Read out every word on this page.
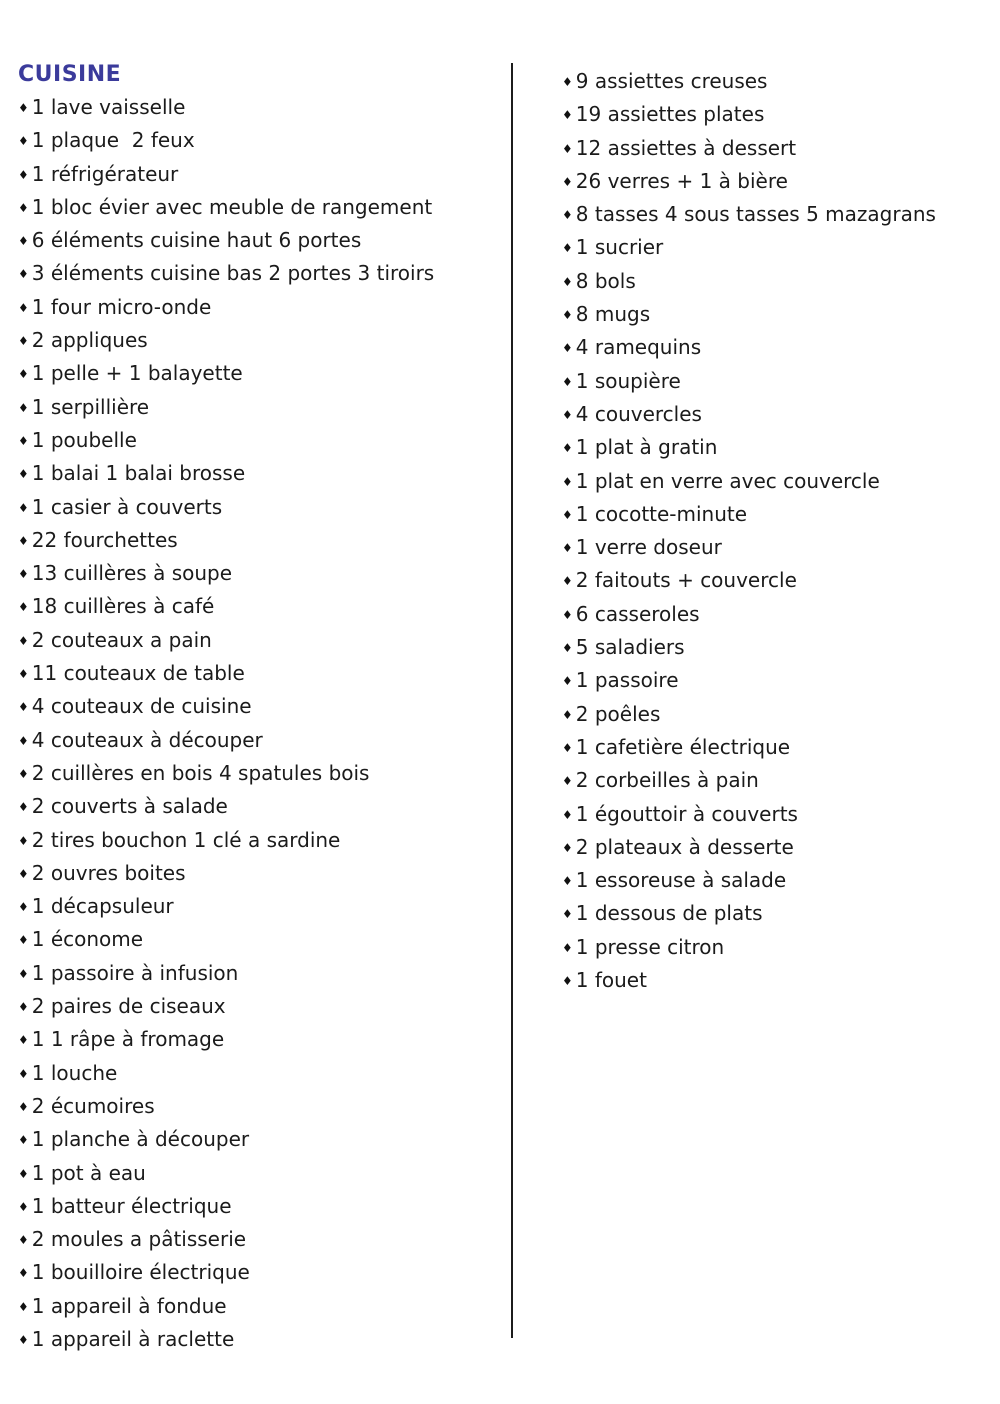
CUISINE
♦ 1 lave vaisselle
♦ 1 plaque  2 feux
♦ 1 réfrigérateur
♦ 1 bloc évier avec meuble de rangement
♦ 6 éléments cuisine haut 6 portes
♦ 3 éléments cuisine bas 2 portes 3 tiroirs
♦ 1 four micro-onde
♦ 2 appliques
♦ 1 pelle + 1 balayette
♦ 1 serpillière
♦ 1 poubelle
♦ 1 balai 1 balai brosse
♦ 1 casier à couverts
♦ 22 fourchettes
♦ 13 cuillères à soupe
♦ 18 cuillères à café
♦ 2 couteaux a pain
♦ 11 couteaux de table
♦ 4 couteaux de cuisine
♦ 4 couteaux à découper
♦ 2 cuillères en bois 4 spatules bois
♦ 2 couverts à salade
♦ 2 tires bouchon 1 clé a sardine
♦ 2 ouvres boites
♦ 1 décapsuleur
♦ 1 économe
♦ 1 passoire à infusion
♦ 2 paires de ciseaux
♦ 1 1 râpe à fromage
♦ 1 louche
♦ 2 écumoires
♦ 1 planche à découper
♦ 1 pot à eau
♦ 1 batteur électrique
♦ 2 moules a pâtisserie
♦ 1 bouilloire électrique
♦ 1 appareil à fondue
♦ 1 appareil à raclette
♦ 9 assiettes creuses
♦ 19 assiettes plates
♦ 12 assiettes à dessert
♦ 26 verres + 1 à bière
♦ 8 tasses 4 sous tasses 5 mazagrans
♦ 1 sucrier
♦ 8 bols
♦ 8 mugs
♦ 4 ramequins
♦ 1 soupière
♦ 4 couvercles
♦ 1 plat à gratin
♦ 1 plat en verre avec couvercle
♦ 1 cocotte-minute
♦ 1 verre doseur
♦ 2 faitouts + couvercle
♦ 6 casseroles
♦ 5 saladiers
♦ 1 passoire
♦ 2 poêles
♦ 1 cafetière électrique
♦ 2 corbeilles à pain
♦ 1 égouttoir à couverts
♦ 2 plateaux à desserte
♦ 1 essoreuse à salade
♦ 1 dessous de plats
♦ 1 presse citron
♦ 1 fouet
